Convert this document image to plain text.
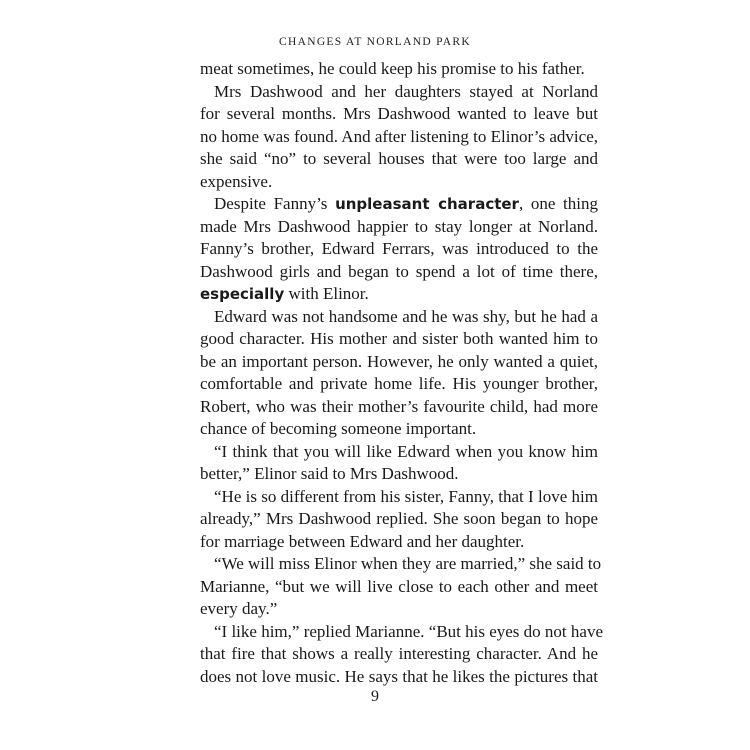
CHANGES AT NORLAND PARK
meat sometimes, he could keep his promise to his father.
Mrs Dashwood and her daughters stayed at Norland
for several months. Mrs Dashwood wanted to leave but
no home was found. And after listening to Elinor’s advice,
she said “no” to several houses that were too large and
expensive.
Despite Fanny’s unpleasant character, one thing
made Mrs Dashwood happier to stay longer at Norland.
Fanny’s brother, Edward Ferrars, was introduced to the
Dashwood girls and began to spend a lot of time there,
especially with Elinor.
Edward was not handsome and he was shy, but he had a
good character. His mother and sister both wanted him to
be an important person. However, he only wanted a quiet,
comfortable and private home life. His younger brother,
Robert, who was their mother’s favourite child, had more
chance of becoming someone important.
“I think that you will like Edward when you know him
better,” Elinor said to Mrs Dashwood.
“He is so different from his sister, Fanny, that I love him
already,” Mrs Dashwood replied. She soon began to hope
for marriage between Edward and her daughter.
“We will miss Elinor when they are married,” she said to
Marianne, “but we will live close to each other and meet
every day.”
“I like him,” replied Marianne. “But his eyes do not have
that fire that shows a really interesting character. And he
does not love music. He says that he likes the pictures that
9
